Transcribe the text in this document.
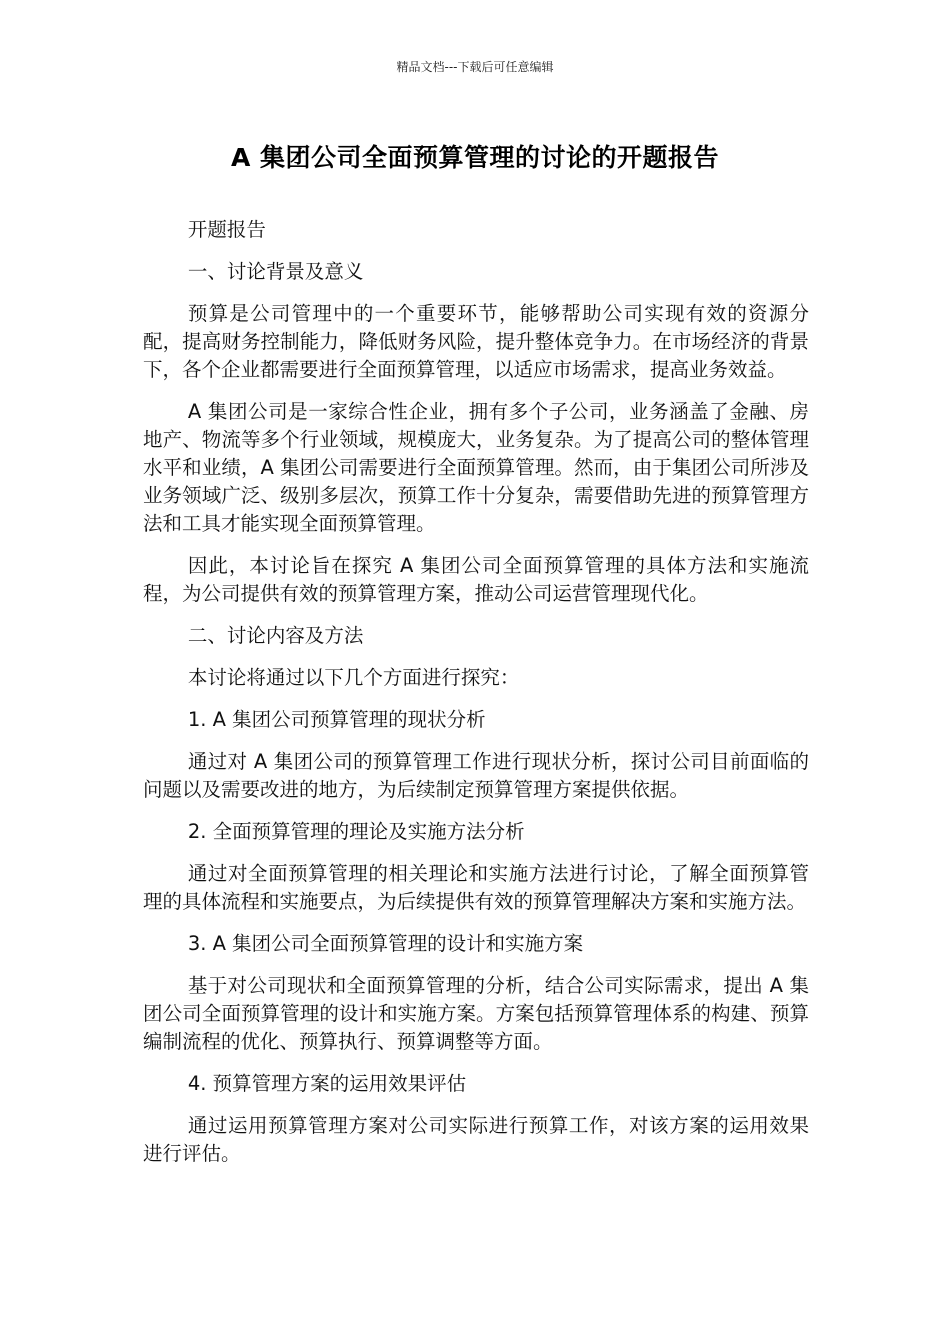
精品文档---下载后可任意编辑
A 集团公司全面预算管理的讨论的开题报告

开题报告

一、讨论背景及意义

预算是公司管理中的一个重要环节，能够帮助公司实现有效的资源分配，提高财务控制能力，降低财务风险，提升整体竞争力。在市场经济的背景下，各个企业都需要进行全面预算管理，以适应市场需求，提高业务效益。

A 集团公司是一家综合性企业，拥有多个子公司，业务涵盖了金融、房地产、物流等多个行业领域，规模庞大，业务复杂。为了提高公司的整体管理水平和业绩，A 集团公司需要进行全面预算管理。然而，由于集团公司所涉及业务领域广泛、级别多层次，预算工作十分复杂，需要借助先进的预算管理方法和工具才能实现全面预算管理。

因此，本讨论旨在探究 A 集团公司全面预算管理的具体方法和实施流程，为公司提供有效的预算管理方案，推动公司运营管理现代化。

二、讨论内容及方法

本讨论将通过以下几个方面进行探究：

1. A 集团公司预算管理的现状分析

通过对 A 集团公司的预算管理工作进行现状分析，探讨公司目前面临的问题以及需要改进的地方，为后续制定预算管理方案提供依据。

2. 全面预算管理的理论及实施方法分析

通过对全面预算管理的相关理论和实施方法进行讨论，了解全面预算管理的具体流程和实施要点，为后续提供有效的预算管理解决方案和实施方法。

3. A 集团公司全面预算管理的设计和实施方案

基于对公司现状和全面预算管理的分析，结合公司实际需求，提出 A 集团公司全面预算管理的设计和实施方案。方案包括预算管理体系的构建、预算编制流程的优化、预算执行、预算调整等方面。

4. 预算管理方案的运用效果评估

通过运用预算管理方案对公司实际进行预算工作，对该方案的运用效果进行评估。
